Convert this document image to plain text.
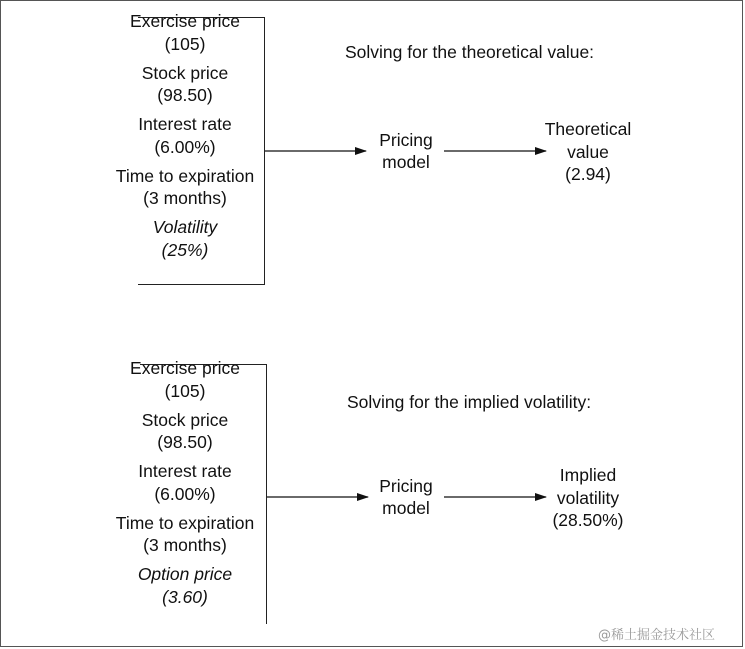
Exercise price
(105)
Stock price
(98.50)
Interest rate
(6.00%)
Time to expiration
(3 months)
Volatility
(25%)
Solving for the theoretical value:
Pricing
model
Theoretical
value
(2.94)
Exercise price
(105)
Stock price
(98.50)
Interest rate
(6.00%)
Time to expiration
(3 months)
Option price
(3.60)
Solving for the implied volatility:
Pricing
model
Implied
volatility
(28.50%)
@稀土掘金技术社区
